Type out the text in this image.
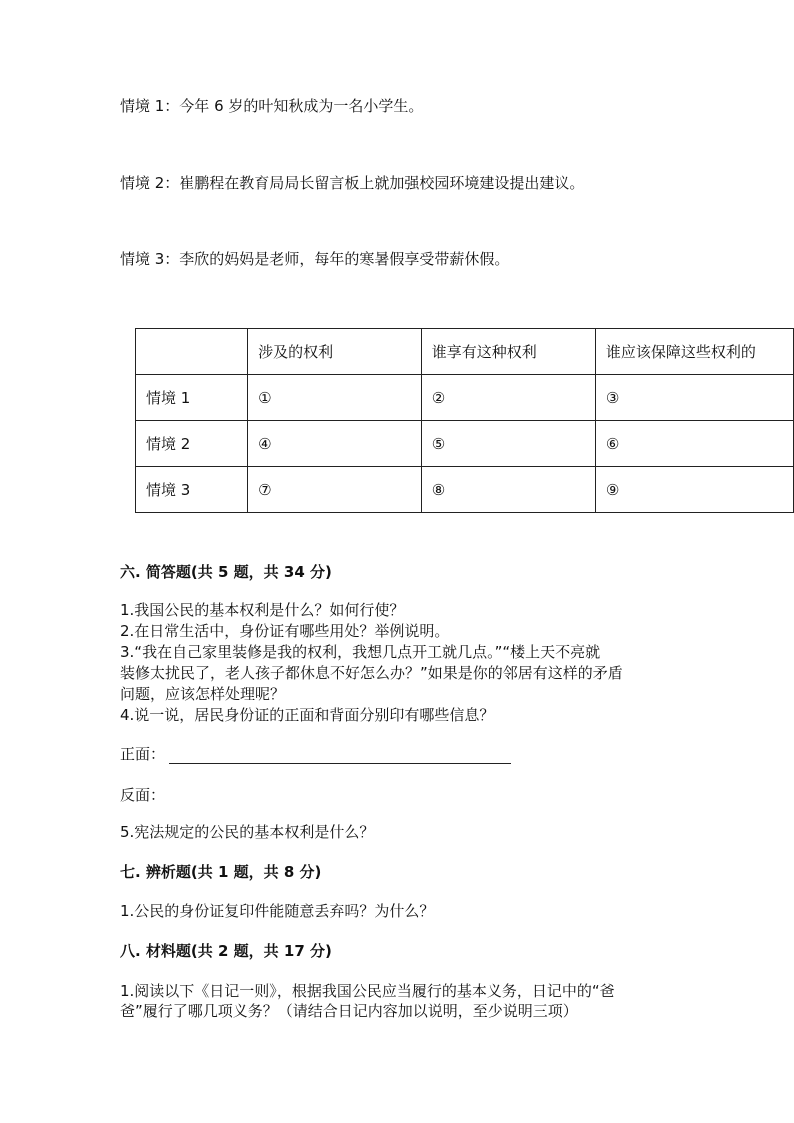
情境 1：今年 6 岁的叶知秋成为一名小学生。
情境 2：崔鹏程在教育局局长留言板上就加强校园环境建设提出建议。
情境 3：李欣的妈妈是老师，每年的寒暑假享受带薪休假。
	涉及的权利	谁享有这种权利	谁应该保障这些权利的
情境 1	①	②	③
情境 2	④	⑤	⑥
情境 3	⑦	⑧	⑨
六. 简答题(共 5 题，共 34 分)
1.我国公民的基本权利是什么？如何行使？
2.在日常生活中，身份证有哪些用处？举例说明。
3.“我在自己家里装修是我的权利，我想几点开工就几点。”“楼上天不亮就
装修太扰民了，老人孩子都休息不好怎么办？”如果是你的邻居有这样的矛盾
问题，应该怎样处理呢？
4.说一说，居民身份证的正面和背面分别印有哪些信息？
正面：
反面：
5.宪法规定的公民的基本权利是什么？
七. 辨析题(共 1 题，共 8 分)
1.公民的身份证复印件能随意丢弃吗？为什么？
八. 材料题(共 2 题，共 17 分)
1.阅读以下《日记一则》，根据我国公民应当履行的基本义务，日记中的“爸
爸”履行了哪几项义务？（请结合日记内容加以说明，至少说明三项）
